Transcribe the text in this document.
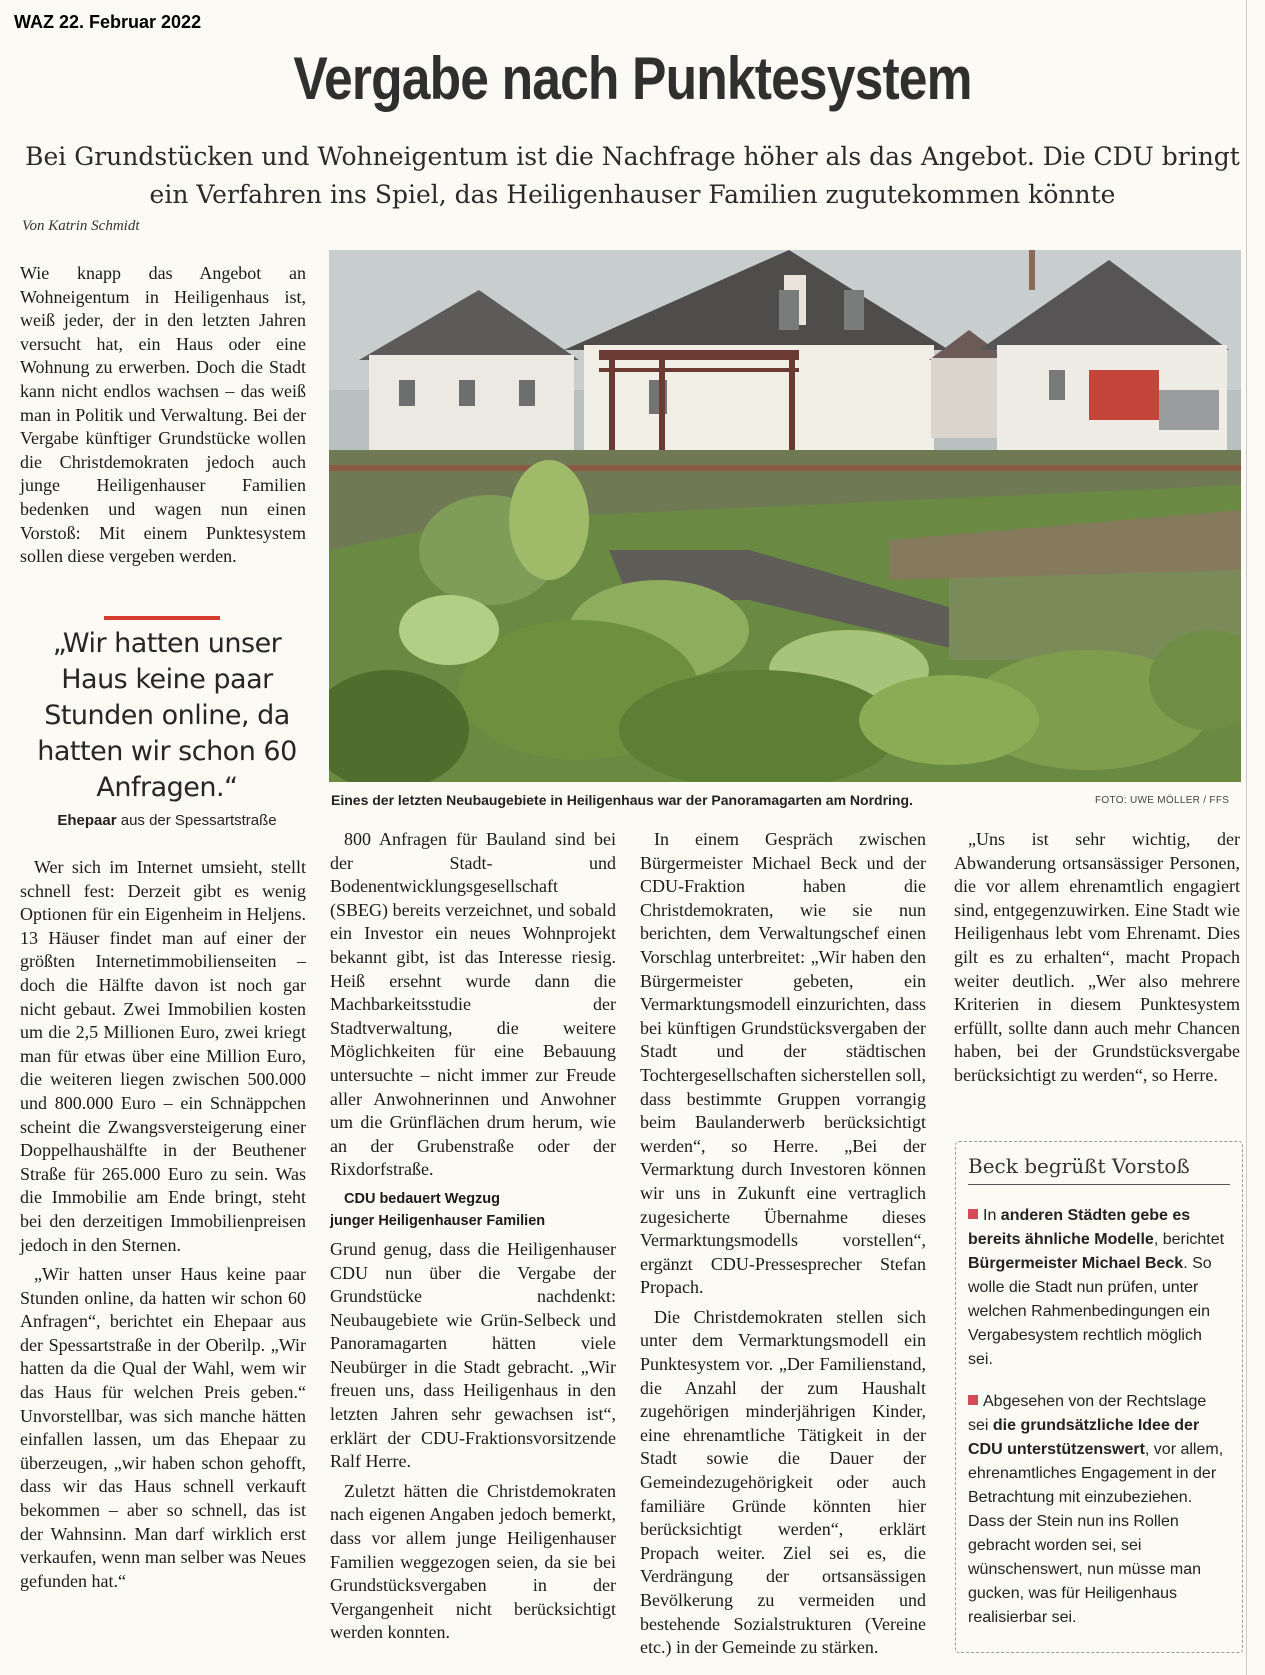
WAZ 22. Februar 2022
Vergabe nach Punktesystem
Bei Grundstücken und Wohneigentum ist die Nachfrage höher als das Angebot. Die CDU bringt ein Verfahren ins Spiel, das Heiligenhauser Familien zugutekommen könnte
Von Katrin Schmidt

Wie knapp das Angebot an Wohneigentum in Heiligenhaus ist, weiß jeder, der in den letzten Jahren versucht hat, ein Haus oder eine Wohnung zu erwerben. Doch die Stadt kann nicht endlos wachsen – das weiß man in Politik und Verwaltung. Bei der Vergabe künftiger Grundstücke wollen die Christdemokraten jedoch auch junge Heiligenhauser Familien bedenken und wagen nun einen Vorstoß: Mit einem Punktesystem sollen diese vergeben werden.

„Wir hatten unser Haus keine paar Stunden online, da hatten wir schon 60 Anfragen.“
Ehepaar aus der Spessartstraße
Eines der letzten Neubaugebiete in Heiligenhaus war der Panoramagarten am Nordring.	FOTO: UWE MÖLLER / FFS

Wer sich im Internet umsieht, stellt schnell fest: Derzeit gibt es wenig Optionen für ein Eigenheim in Heljens. 13 Häuser findet man auf einer der größten Internetimmobilienseiten – doch die Hälfte davon ist noch gar nicht gebaut. Zwei Immobilien kosten um die 2,5 Millionen Euro, zwei kriegt man für etwas über eine Million Euro, die weiteren liegen zwischen 500.000 und 800.000 Euro – ein Schnäppchen scheint die Zwangsversteigerung einer Doppelhaushälfte in der Beuthener Straße für 265.000 Euro zu sein. Was die Immobilie am Ende bringt, steht bei den derzeitigen Immobilienpreisen jedoch in den Sternen.

„Wir hatten unser Haus keine paar Stunden online, da hatten wir schon 60 Anfragen“, berichtet ein Ehepaar aus der Spessartstraße in der Oberilp. „Wir hatten da die Qual der Wahl, wem wir das Haus für welchen Preis geben.“ Unvorstellbar, was sich manche hätten einfallen lassen, um das Ehepaar zu überzeugen, „wir haben schon gehofft, dass wir das Haus schnell verkauft bekommen – aber so schnell, das ist der Wahnsinn. Man darf wirklich erst verkaufen, wenn man selber was Neues gefunden hat.“

800 Anfragen für Bauland sind bei der Stadt- und Bodenentwicklungsgesellschaft (SBEG) bereits verzeichnet, und sobald ein Investor ein neues Wohnprojekt bekannt gibt, ist das Interesse riesig. Heiß ersehnt wurde dann die Machbarkeitsstudie der Stadtverwaltung, die weitere Möglichkeiten für eine Bebauung untersuchte – nicht immer zur Freude aller Anwohnerinnen und Anwohner um die Grünflächen drum herum, wie an der Grubenstraße oder der Rixdorfstraße.

CDU bedauert Wegzug
junger Heiligenhauser Familien

Grund genug, dass die Heiligenhauser CDU nun über die Vergabe der Grundstücke nachdenkt: Neubaugebiete wie Grün-Selbeck und Panoramagarten hätten viele Neubürger in die Stadt gebracht. „Wir freuen uns, dass Heiligenhaus in den letzten Jahren sehr gewachsen ist“, erklärt der CDU-Fraktionsvorsitzende Ralf Herre.

Zuletzt hätten die Christdemokraten nach eigenen Angaben jedoch bemerkt, dass vor allem junge Heiligenhauser Familien weggezogen seien, da sie bei Grundstücksvergaben in der Vergangenheit nicht berücksichtigt werden konnten.

In einem Gespräch zwischen Bürgermeister Michael Beck und der CDU-Fraktion haben die Christdemokraten, wie sie nun berichten, dem Verwaltungschef einen Vorschlag unterbreitet: „Wir haben den Bürgermeister gebeten, ein Vermarktungsmodell einzurichten, dass bei künftigen Grundstücksvergaben der Stadt und der städtischen Tochtergesellschaften sicherstellen soll, dass bestimmte Gruppen vorrangig beim Baulanderwerb berücksichtigt werden“, so Herre. „Bei der Vermarktung durch Investoren können wir uns in Zukunft eine vertraglich zugesicherte Übernahme dieses Vermarktungsmodells vorstellen“, ergänzt CDU-Pressesprecher Stefan Propach.

Die Christdemokraten stellen sich unter dem Vermarktungsmodell ein Punktesystem vor. „Der Familienstand, die Anzahl der zum Haushalt zugehörigen minderjährigen Kinder, eine ehrenamtliche Tätigkeit in der Stadt sowie die Dauer der Gemeindezugehörigkeit oder auch familiäre Gründe könnten hier berücksichtigt werden“, erklärt Propach weiter. Ziel sei es, die Verdrängung der ortsansässigen Bevölkerung zu vermeiden und bestehende Sozialstrukturen (Vereine etc.) in der Gemeinde zu stärken.

„Uns ist sehr wichtig, der Abwanderung ortsansässiger Personen, die vor allem ehrenamtlich engagiert sind, entgegenzuwirken. Eine Stadt wie Heiligenhaus lebt vom Ehrenamt. Dies gilt es zu erhalten“, macht Propach weiter deutlich. „Wer also mehrere Kriterien in diesem Punktesystem erfüllt, sollte dann auch mehr Chancen haben, bei der Grundstücksvergabe berücksichtigt zu werden“, so Herre.

Beck begrüßt Vorstoß

In anderen Städten gebe es bereits ähnliche Modelle, berichtet Bürgermeister Michael Beck. So wolle die Stadt nun prüfen, unter welchen Rahmenbedingungen ein Vergabesystem rechtlich möglich sei.

Abgesehen von der Rechtslage sei die grundsätzliche Idee der CDU unterstützenswert, vor allem, ehrenamtliches Engagement in der Betrachtung mit einzubeziehen. Dass der Stein nun ins Rollen gebracht worden sei, sei wünschenswert, nun müsse man gucken, was für Heiligenhaus realisierbar sei.
